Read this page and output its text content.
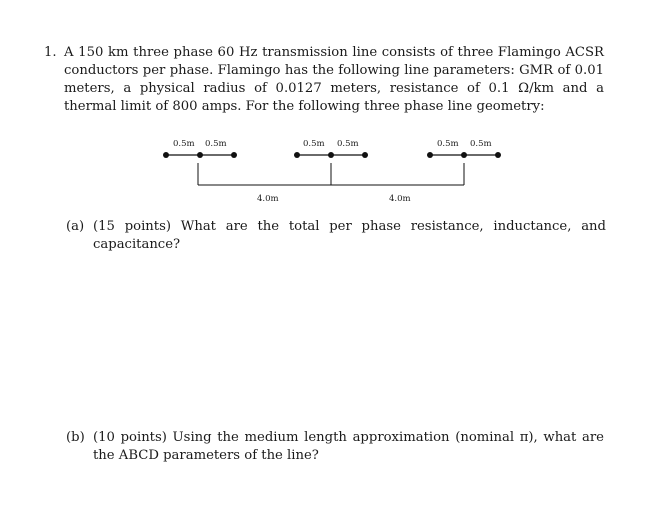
1. A 150 km three phase 60 Hz transmission line consists of three Flamingo ACSR conductors per phase. Flamingo has the following line parameters: GMR of 0.01 meters, a physical radius of 0.0127 meters, resistance of 0.1 Ω/km and a thermal limit of 800 amps. For the following three phase line geometry:
0.5m 0.5m	0.5m 0.5m	0.5m 0.5m
4.0m	4.0m
(a) (15 points) What are the total per phase resistance, inductance, and capacitance?
(b) (10 points) Using the medium length approximation (nominal π), what are the ABCD parameters of the line?
